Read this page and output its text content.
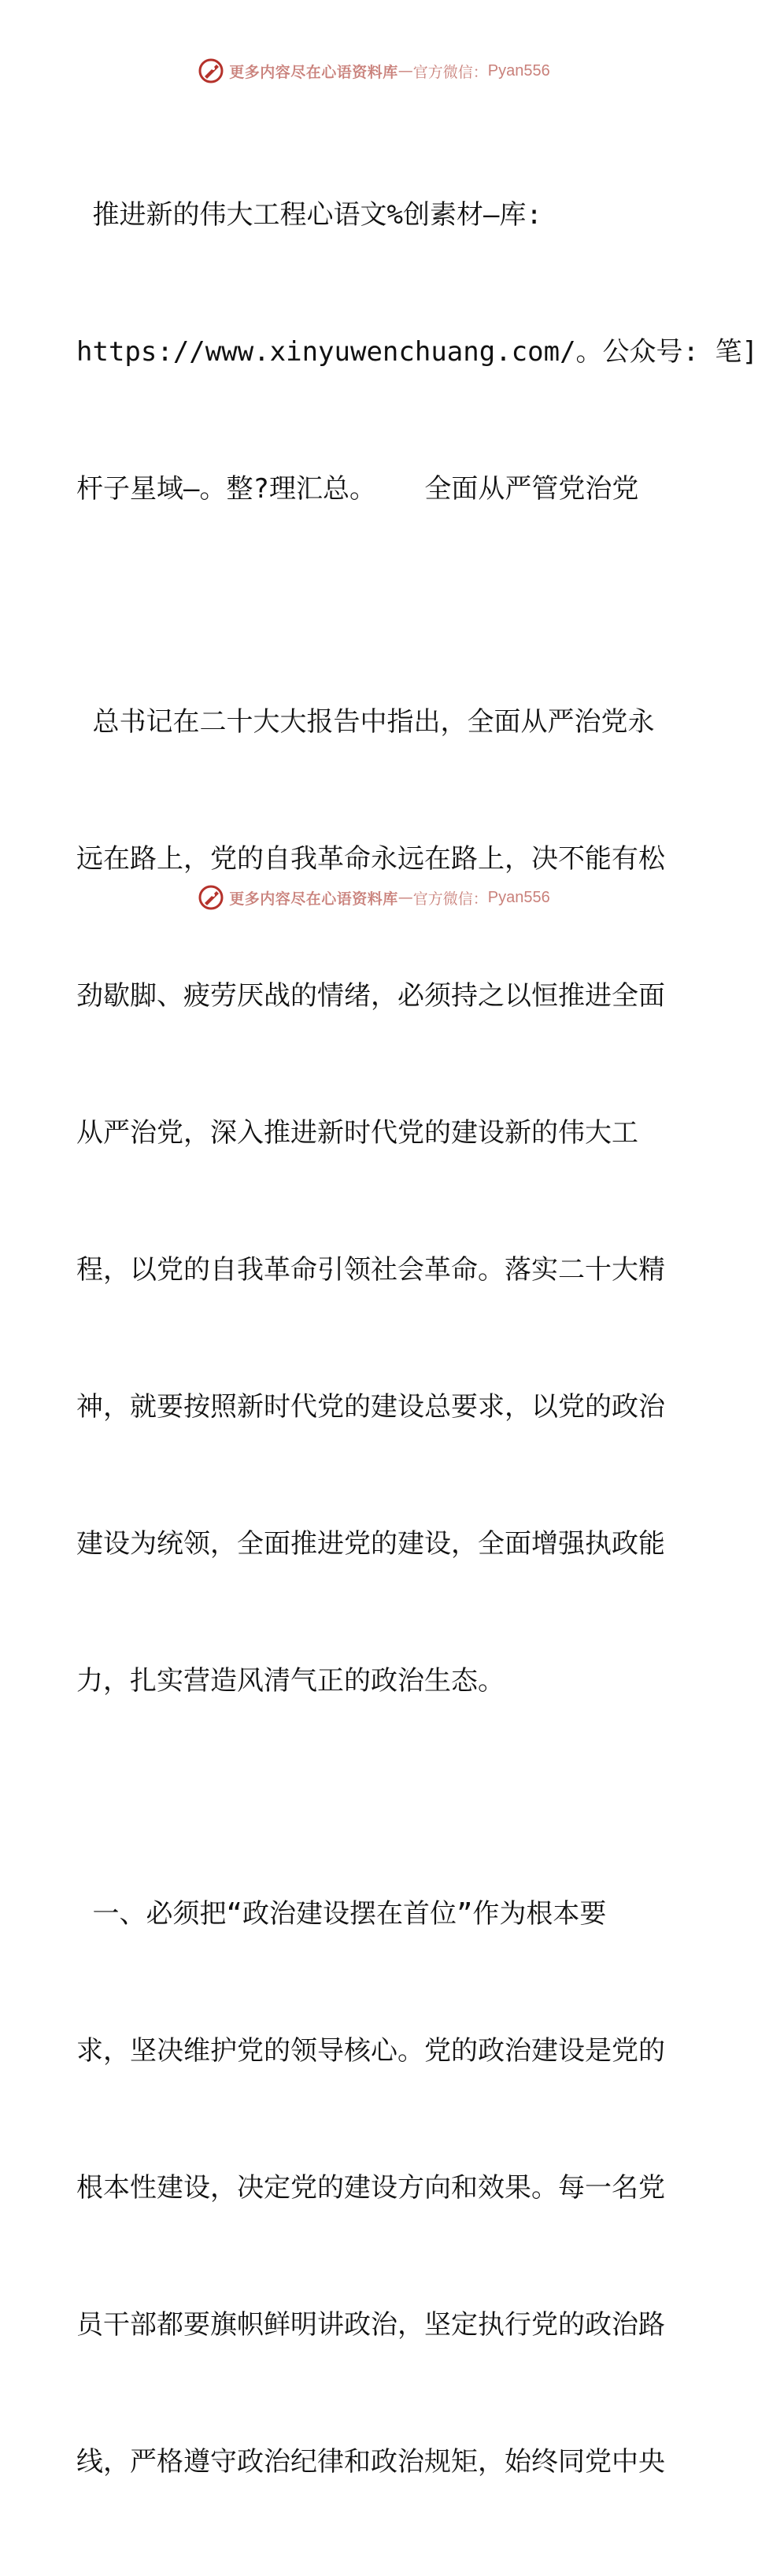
更多内容尽在心语资料库 — 官方微信： Pyan556

推进新的伟大工程心语文%创素材—库:

https://www.xinyuwenchuang.com/。公众号: 笔]

杆子星域—。整?理汇总。   全面从严管党治党

总书记在二十大大报告中指出，全面从严治党永

远在路上，党的自我革命永远在路上，决不能有松

劲歇脚、疲劳厌战的情绪，必须持之以恒推进全面

从严治党，深入推进新时代党的建设新的伟大工

程，以党的自我革命引领社会革命。落实二十大精

神，就要按照新时代党的建设总要求，以党的政治

建设为统领，全面推进党的建设，全面增强执政能

力，扎实营造风清气正的政治生态。

一、必须把“政治建设摆在首位”作为根本要

求，坚决维护党的领导核心。党的政治建设是党的

根本性建设，决定党的建设方向和效果。每一名党

员干部都要旗帜鲜明讲政治，坚定执行党的政治路

线，严格遵守政治纪律和政治规矩，始终同党中央

更多内容尽在心语资料库 — 官方微信： Pyan556
